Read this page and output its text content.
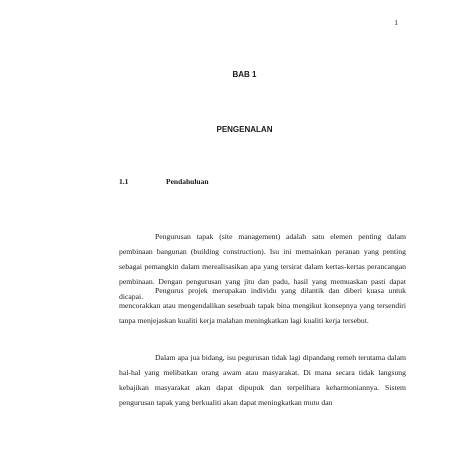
1
BAB 1
PENGENALAN
1.1	Pendahuluan
Pengurusan tapak (site management) adalah satu elemen penting dalam pembinaan bangunan (building construction). Isu ini memainkan peranan yang penting sebagai pemangkin dalam merealisasikan apa yang tersirat dalam kertas-kertas perancangan pembinaan. Dengan pengurusan yang jitu dan padu, hasil yang memuaskan pasti dapat dicapai.
Pengurus projek merupakan individu yang dilantik dan diberi kuasa untuk mencorakkan atau mengendalikan sesebuah tapak bina mengikut konsepnya yang tersendiri tanpa menjejaskan kualiti kerja malahan meningkatkan lagi kualiti kerja tersebut.
Dalam apa jua bidang, isu pegurusan tidak lagi dipandang remeh terutama dalam hal-hal yang melibatkan orang awam atau masyarakat. Di mana secara tidak langsung kebajikan masyarakat akan dapat dipupuk dan terpelihara keharmoniannya. Sistem pengurusan tapak yang berkualiti akan dapat meningkatkan mutu dan
